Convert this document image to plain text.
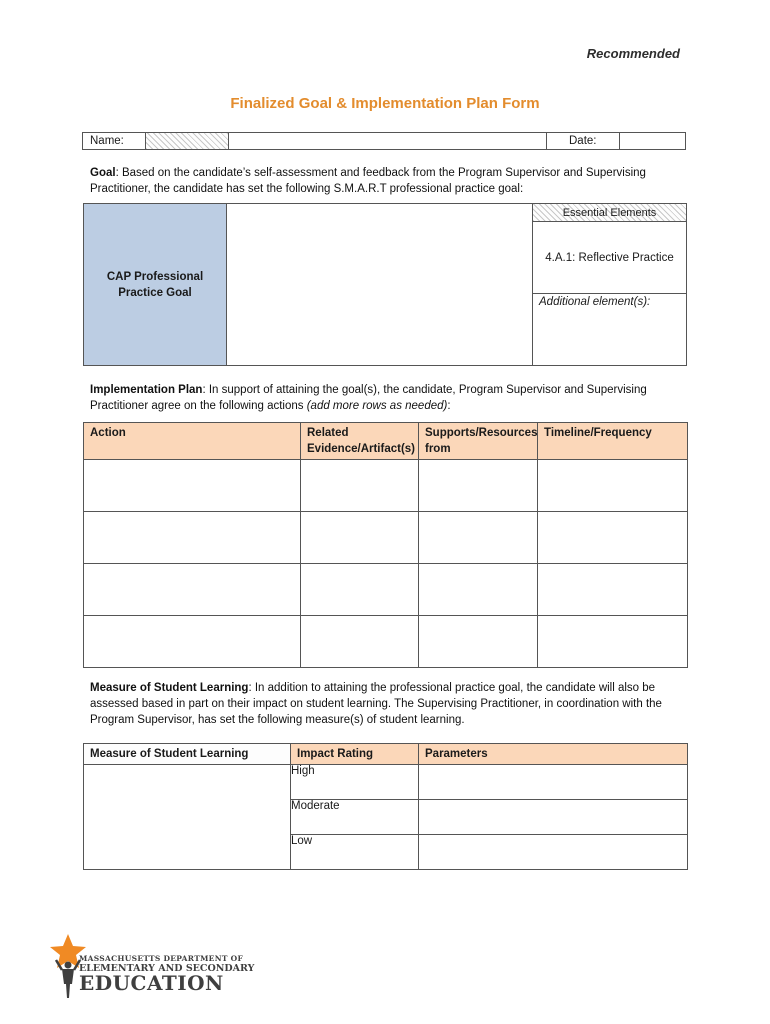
Recommended
Finalized Goal & Implementation Plan Form
Name:	Date:
Goal: Based on the candidate’s self-assessment and feedback from the Program Supervisor and Supervising Practitioner, the candidate has set the following S.M.A.R.T professional practice goal:
CAP Professional
Practice Goal
Essential Elements
4.A.1: Reflective Practice
Additional element(s):
Implementation Plan: In support of attaining the goal(s), the candidate, Program Supervisor and Supervising Practitioner agree on the following actions (add more rows as needed):
Action	Related Evidence/Artifact(s)	Supports/Resources from	Timeline/Frequency

Measure of Student Learning: In addition to attaining the professional practice goal, the candidate will also be assessed based in part on their impact on student learning. The Supervising Practitioner, in coordination with the Program Supervisor, has set the following measure(s) of student learning.
Measure of Student Learning	Impact Rating	Parameters
	High	
	Moderate	
	Low	
MASSACHUSETTS DEPARTMENT OF
ELEMENTARY AND SECONDARY
EDUCATION
